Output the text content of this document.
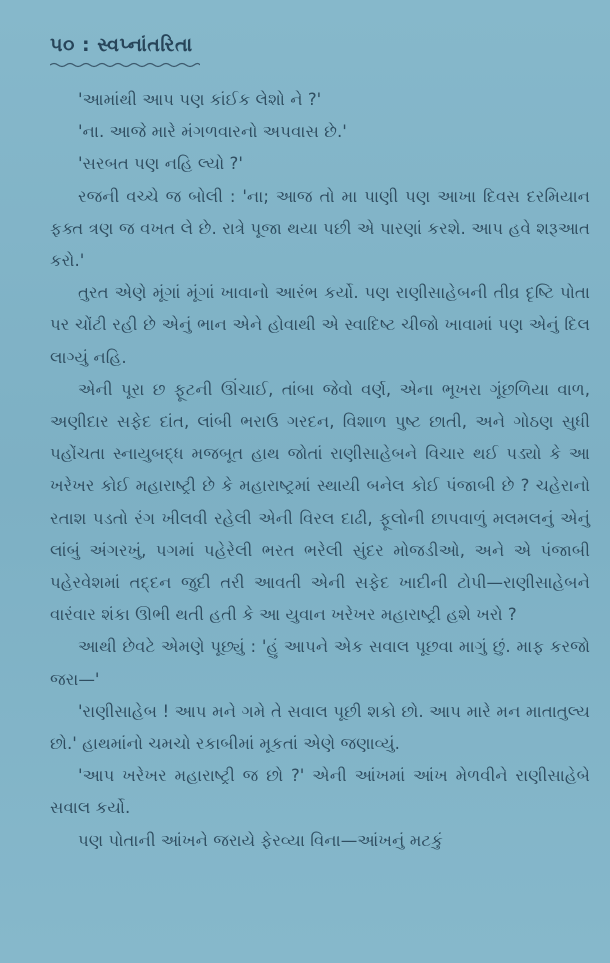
૫૦ : સ્વપ્નાંતરિતા

'આમાંથી આપ પણ કાંઈક લેશો ને ?'

'ના. આજે મારે મંગળવારનો અપવાસ છે.'

'સરબત પણ નહિ લ્યો ?'

રજની વચ્ચે જ બોલી : 'ના; આજ તો મા પાણી પણ આખા દિવસ દરમિયાન ફક્ત ત્રણ જ વખત લે છે. રાત્રે પૂજા થયા પછી એ પારણાં કરશે. આપ હવે શરૂઆત કરો.'

તુરત એણે મૂંગાં મૂંગાં ખાવાનો આરંભ કર્યો. પણ રાણીસાહેબની તીવ્ર દૃષ્ટિ પોતા પર ચોંટી રહી છે એનું ભાન એને હોવાથી એ સ્વાદિષ્ટ ચીજો ખાવામાં પણ એનું દિલ લાગ્યું નહિ.

એની પૂરા છ ફૂટની ઊંચાઈ, તાંબા જેવો વર્ણ, એના ભૂખરા ગૂંછળિયા વાળ, અણીદાર સફેદ દાંત, લાંબી ભરાઉ ગરદન, વિશાળ પુષ્ટ છાતી, અને ગોઠણ સુધી પહોંચતા સ્નાયુબદ્ધ મજબૂત હાથ જોતાં રાણીસાહેબને વિચાર થઈ પડ્યો કે આ ખરેખર કોઈ મહારાષ્ટ્રી છે કે મહારાષ્ટ્રમાં સ્થાયી બનેલ કોઈ પંજાબી છે ? ચહેરાનો રતાશ પડતો રંગ ખીલવી રહેલી એની વિરલ દાઢી, ફૂલોની છાપવાળું મલમલનું એનું લાંબું અંગરખું, પગમાં પહેરેલી ભરત ભરેલી સુંદર મોજડીઓ, અને એ પંજાબી પહેરવેશમાં તદ્દન જુદી તરી આવતી એની સફેદ ખાદીની ટોપી—રાણીસાહેબને વારંવાર શંકા ઊભી થતી હતી કે આ યુવાન ખરેખર મહારાષ્ટ્રી હશે ખરો ?

આથી છેવટે એમણે પૂછ્યું : 'હું આપને એક સવાલ પૂછવા માગું છું. માફ કરજો જરા—'

'રાણીસાહેબ ! આપ મને ગમે તે સવાલ પૂછી શકો છો. આપ મારે મન માતાતુલ્ય છો.' હાથમાંનો ચમચો રકાબીમાં મૂકતાં એણે જણાવ્યું.

'આપ ખરેખર મહારાષ્ટ્રી જ છો ?' એની આંખમાં આંખ મેળવીને રાણીસાહેબે સવાલ કર્યો.

પણ પોતાની આંખને જરાયે ફેરવ્યા વિના—આંખનું મટકું
